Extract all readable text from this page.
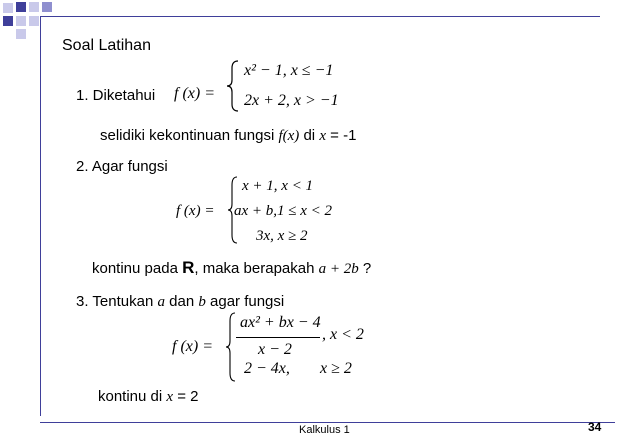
Soal Latihan
1. Diketahui f (x) =
x² − 1, x ≤ −1
2x + 2, x > −1
selidiki kekontinuan fungsi f(x) di x = -1
2. Agar fungsi
f (x) =
x + 1, x < 1
ax + b,1 ≤ x < 2
3x, x ≥ 2
kontinu pada R, maka berapakah a + 2b ?
3. Tentukan a dan b agar fungsi
f (x) =
ax² + bx − 4
x − 2
, x < 2
2 − 4x, x ≥ 2
kontinu di x = 2
Kalkulus 1	34
